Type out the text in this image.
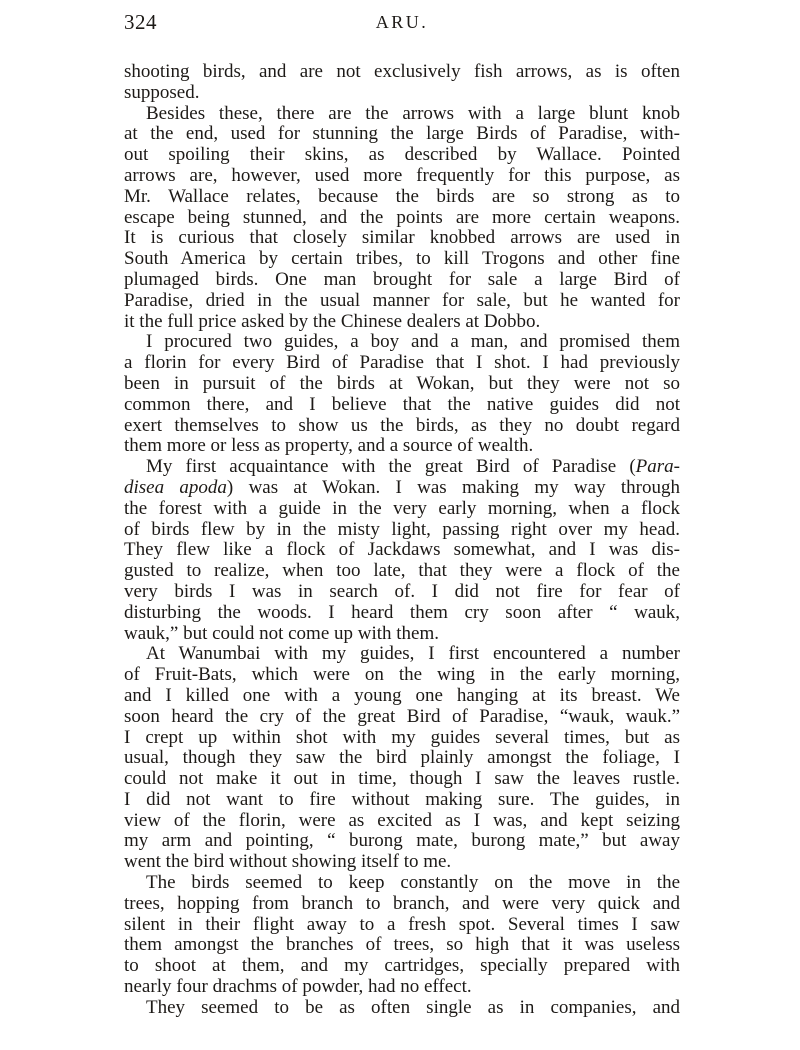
324	ARU.
shooting birds, and are not exclusively fish arrows, as is often
supposed.
Besides these, there are the arrows with a large blunt knob
at the end, used for stunning the large Birds of Paradise, with-
out spoiling their skins, as described by Wallace. Pointed
arrows are, however, used more frequently for this purpose, as
Mr. Wallace relates, because the birds are so strong as to
escape being stunned, and the points are more certain weapons.
It is curious that closely similar knobbed arrows are used in
South America by certain tribes, to kill Trogons and other fine
plumaged birds. One man brought for sale a large Bird of
Paradise, dried in the usual manner for sale, but he wanted for
it the full price asked by the Chinese dealers at Dobbo.
I procured two guides, a boy and a man, and promised them
a florin for every Bird of Paradise that I shot. I had previously
been in pursuit of the birds at Wokan, but they were not so
common there, and I believe that the native guides did not
exert themselves to show us the birds, as they no doubt regard
them more or less as property, and a source of wealth.
My first acquaintance with the great Bird of Paradise (Para-
disea apoda) was at Wokan. I was making my way through
the forest with a guide in the very early morning, when a flock
of birds flew by in the misty light, passing right over my head.
They flew like a flock of Jackdaws somewhat, and I was dis-
gusted to realize, when too late, that they were a flock of the
very birds I was in search of. I did not fire for fear of
disturbing the woods. I heard them cry soon after “ wauk,
wauk,” but could not come up with them.
At Wanumbai with my guides, I first encountered a number
of Fruit-Bats, which were on the wing in the early morning,
and I killed one with a young one hanging at its breast. We
soon heard the cry of the great Bird of Paradise, “wauk, wauk.”
I crept up within shot with my guides several times, but as
usual, though they saw the bird plainly amongst the foliage, I
could not make it out in time, though I saw the leaves rustle.
I did not want to fire without making sure. The guides, in
view of the florin, were as excited as I was, and kept seizing
my arm and pointing, “ burong mate, burong mate,” but away
went the bird without showing itself to me.
The birds seemed to keep constantly on the move in the
trees, hopping from branch to branch, and were very quick and
silent in their flight away to a fresh spot. Several times I saw
them amongst the branches of trees, so high that it was useless
to shoot at them, and my cartridges, specially prepared with
nearly four drachms of powder, had no effect.
They seemed to be as often single as in companies, and
